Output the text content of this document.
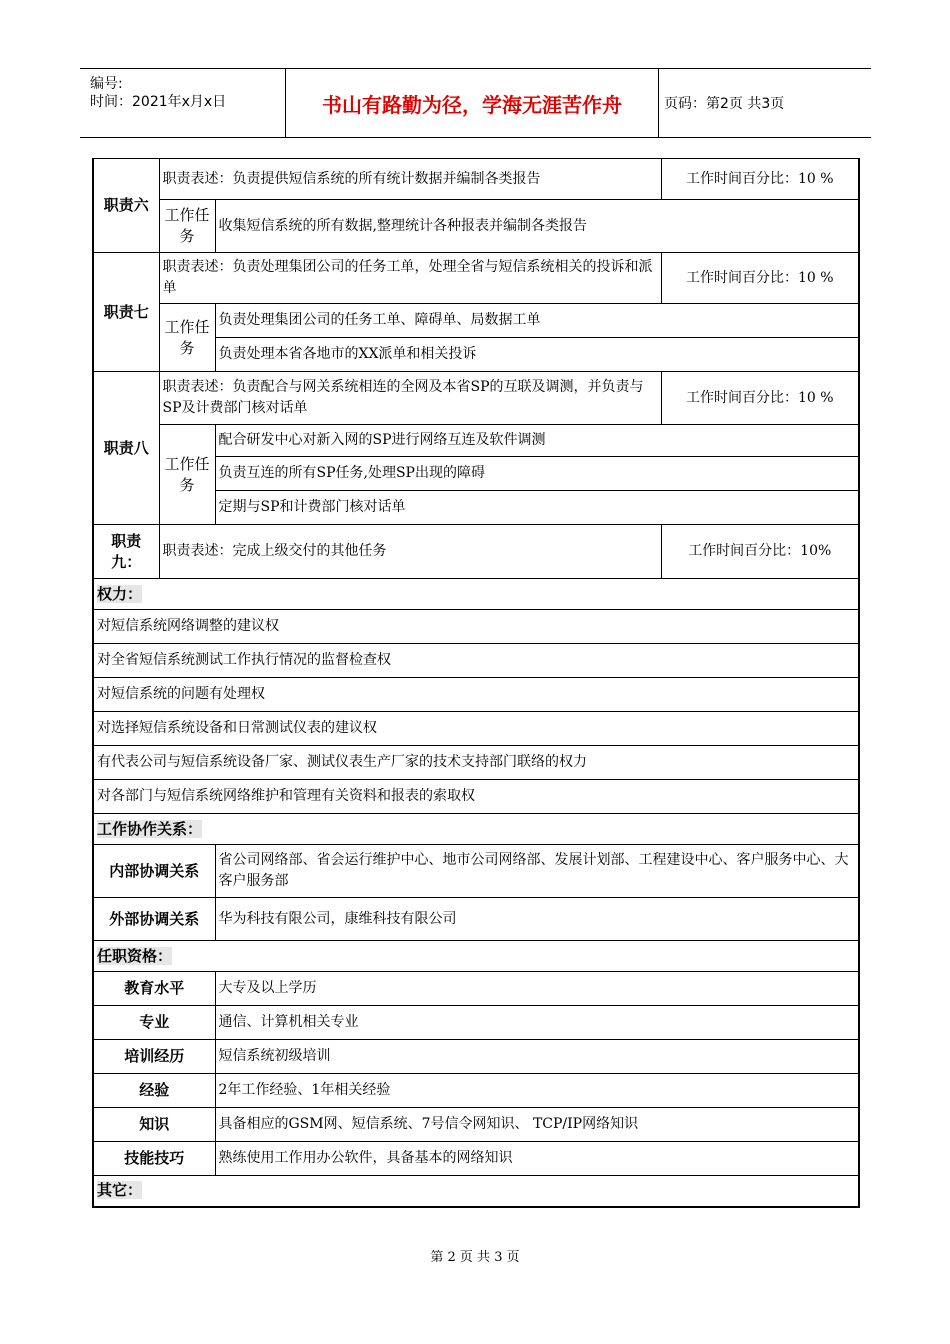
编号:
时间：2021年x月x日	书山有路勤为径，学海无涯苦作舟	页码：第2页 共3页
职责六	职责表述：负责提供短信系统的所有统计数据并编制各类报告		工作时间百分比：10 %
	工作任务	收集短信系统的所有数据,整理统计各种报表并编制各类报告	
职责七	职责表述：负责处理集团公司的任务工单，处理全省与短信系统相关的投诉和派单		工作时间百分比：10 %
	工作任务	负责处理集团公司的任务工单、障碍单、局数据工单	
		负责处理本省各地市的XX派单和相关投诉	
职责八	职责表述：负责配合与网关系统相连的全网及本省SP的互联及调测，并负责与SP及计费部门核对话单		工作时间百分比：10 %
	工作任务	配合研发中心对新入网的SP进行网络互连及软件调测	
		负责互连的所有SP任务,处理SP出现的障碍	
		定期与SP和计费部门核对话单	
职责九：	职责表述：完成上级交付的其他任务		工作时间百分比：10%
权力：			
对短信系统网络调整的建议权			
对全省短信系统测试工作执行情况的监督检查权			
对短信系统的问题有处理权			
对选择短信系统设备和日常测试仪表的建议权			
有代表公司与短信系统设备厂家、测试仪表生产厂家的技术支持部门联络的权力			
对各部门与短信系统网络维护和管理有关资料和报表的索取权			
工作协作关系：			
内部协调关系		省公司网络部、省会运行维护中心、地市公司网络部、发展计划部、工程建设中心、客户服务中心、大客户服务部	
外部协调关系		华为科技有限公司，康维科技有限公司	
任职资格：			
教育水平		大专及以上学历	
专业		通信、计算机相关专业	
培训经历		短信系统初级培训	
经验		2年工作经验、1年相关经验	
知识		具备相应的GSM网、短信系统、7号信令网知识、 TCP/IP网络知识	
技能技巧		熟练使用工作用办公软件，具备基本的网络知识	
其它：			
第 2 页 共 3 页
